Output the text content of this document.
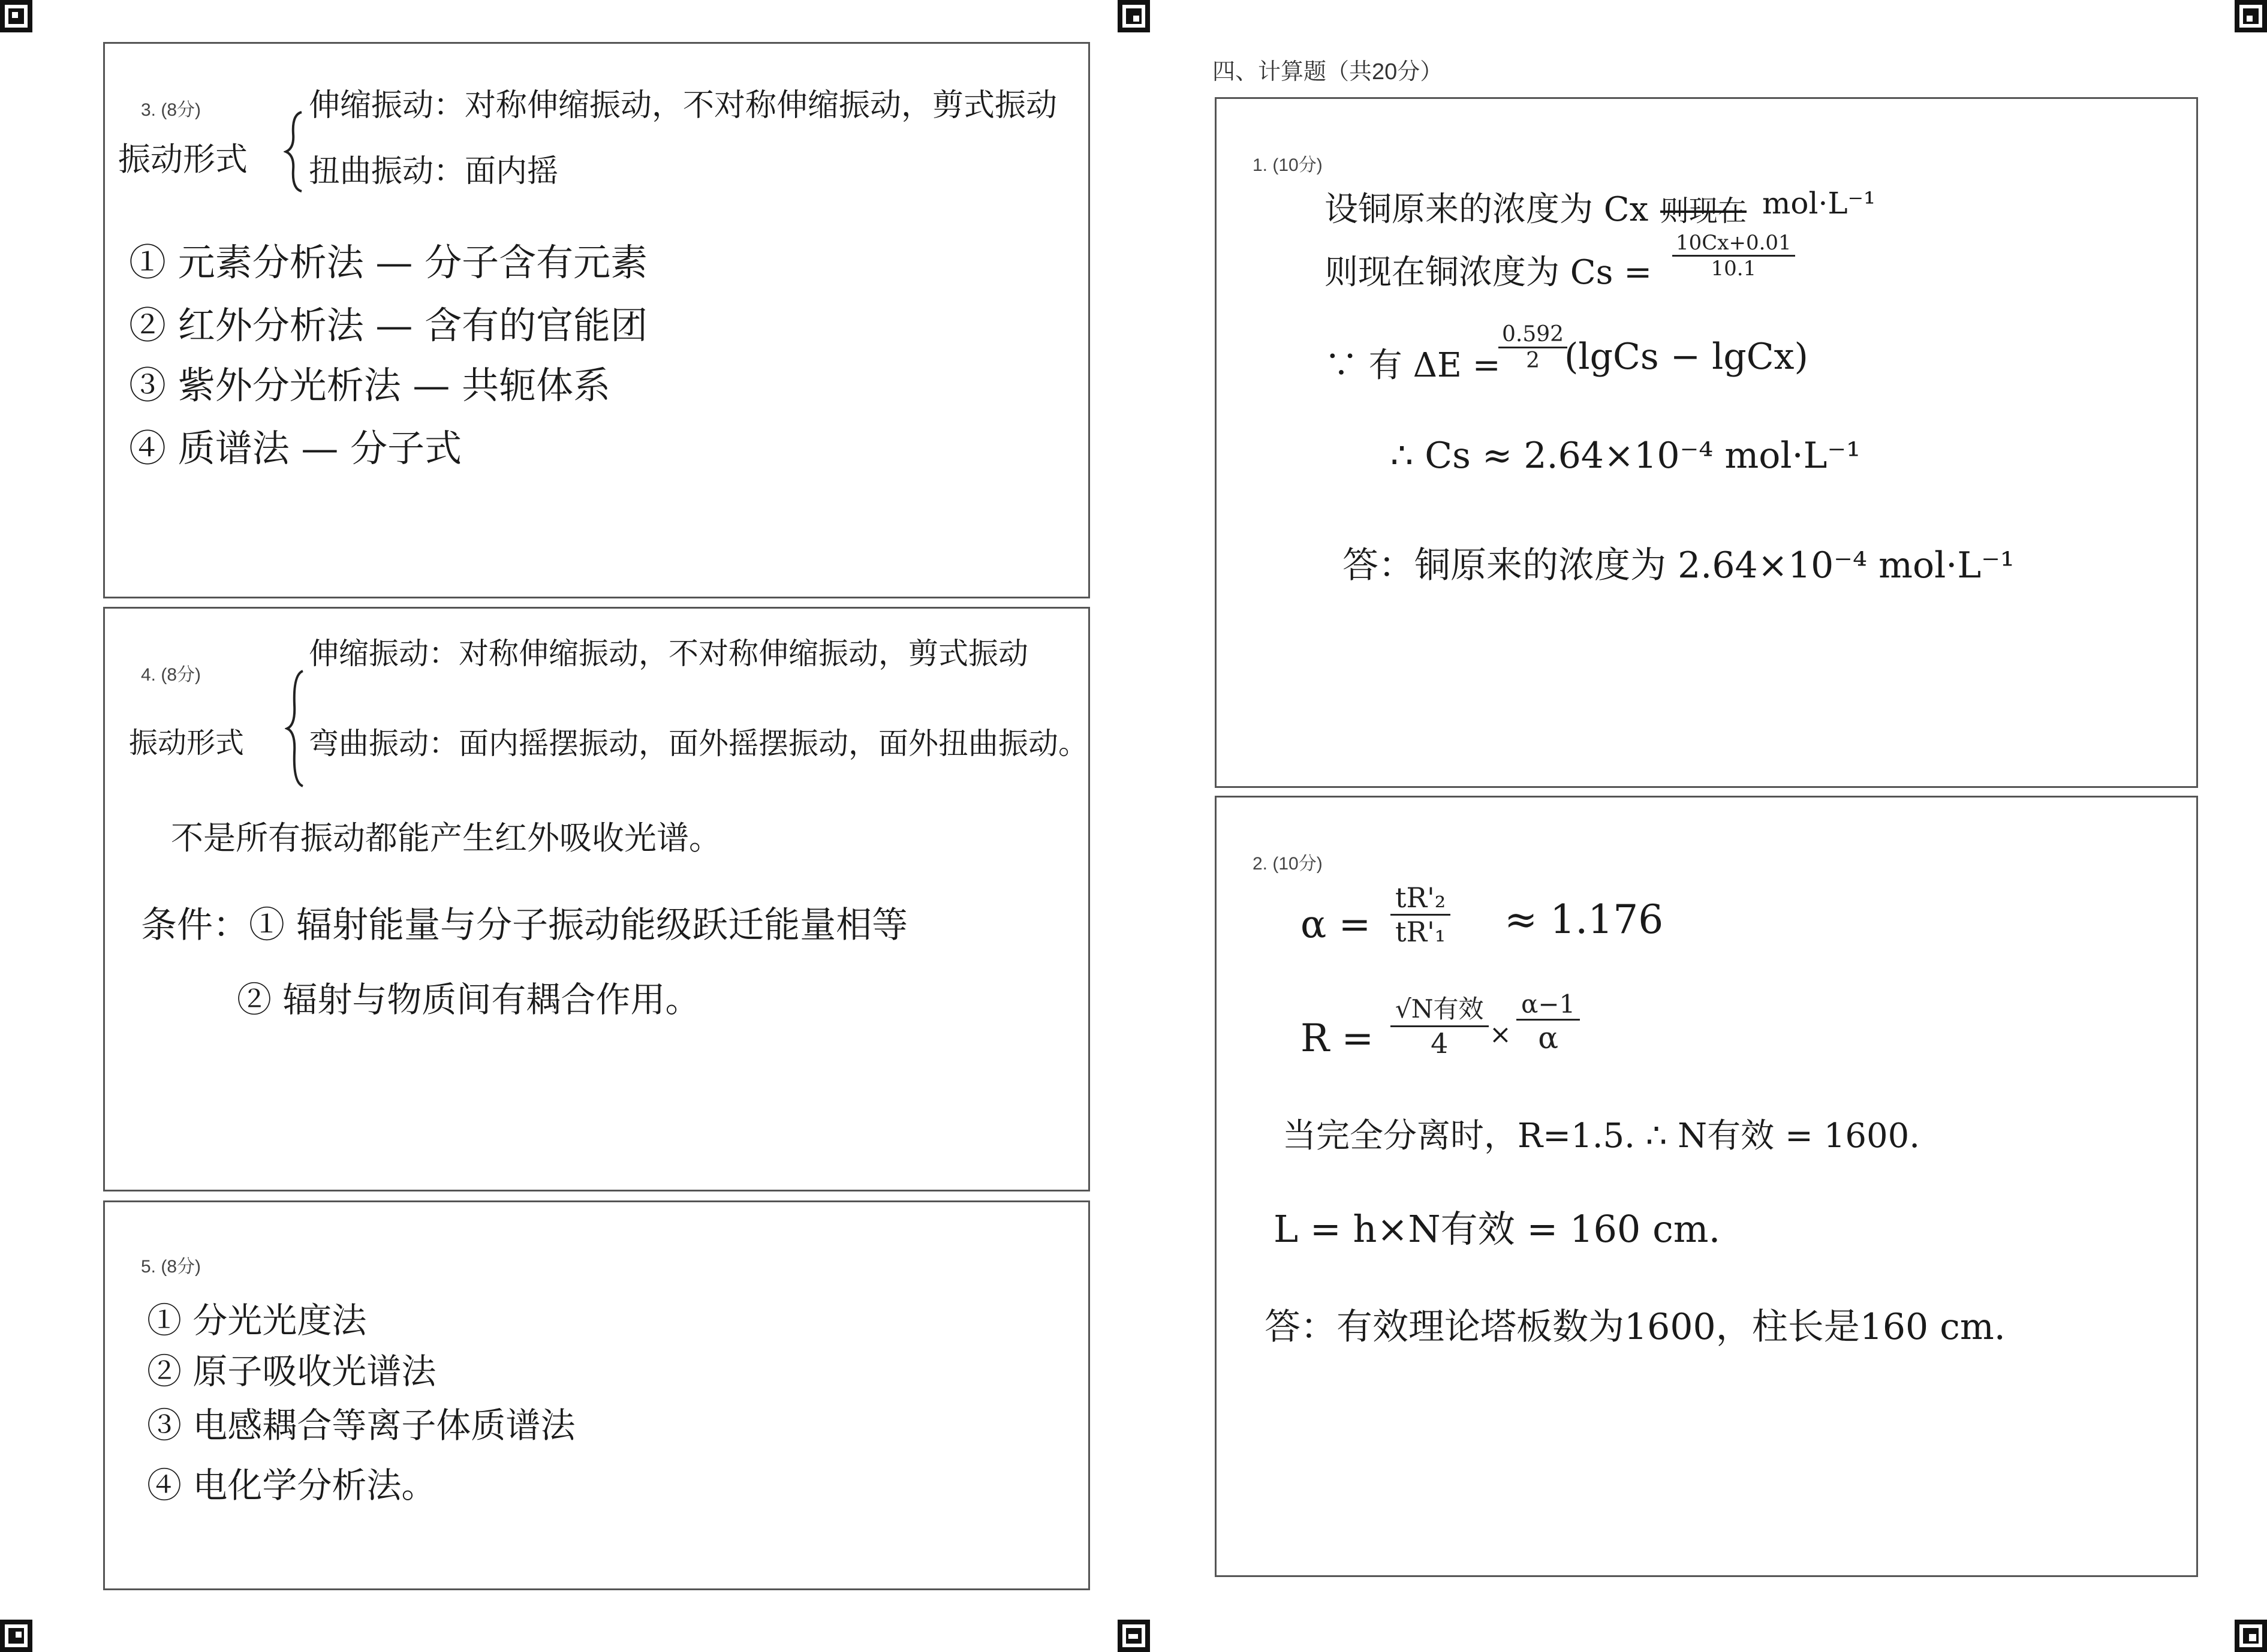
3. (8分)
振动形式
伸缩振动：对称伸缩振动，不对称伸缩振动，剪式振动
扭曲振动：面内摇
① 元素分析法 — 分子含有元素
② 红外分析法 — 含有的官能团
③ 紫外分光析法 — 共轭体系
④ 质谱法 — 分子式
4. (8分)
振动形式
伸缩振动：对称伸缩振动，不对称伸缩振动，剪式振动
弯曲振动：面内摇摆振动，面外摇摆振动，面外扭曲振动。
不是所有振动都能产生红外吸收光谱。
条件：① 辐射能量与分子振动能级跃迁能量相等
② 辐射与物质间有耦合作用。
5. (8分)
① 分光光度法
② 原子吸收光谱法
③ 电感耦合等离子体质谱法
④ 电化学分析法。
四、计算题（共20分）
1. (10分)
设铜原来的浓度为 Cx 则现在 mol·L⁻¹
则现在铜浓度为 $Cs = \frac{10Cx+0.01}{10.1}$
∵ 有 ΔE =
$\frac{0.592}{2}$
(lgCs − lgCx)
∴ Cs ≈ 2.64×10⁻⁴ mol·L⁻¹
答：铜原来的浓度为 2.64×10⁻⁴ mol·L⁻¹
2. (10分)
$\alpha = \frac{\text{tR'₂}}{\text{tR'₁}} \approx 1.176$
R =
√N有效
4	×
α−1
α
当完全分离时，R=1.5. ∴ N有效 = 1600.
L = h×N有效 = 160 cm.
答：有效理论塔板数为1600，柱长是160 cm.
